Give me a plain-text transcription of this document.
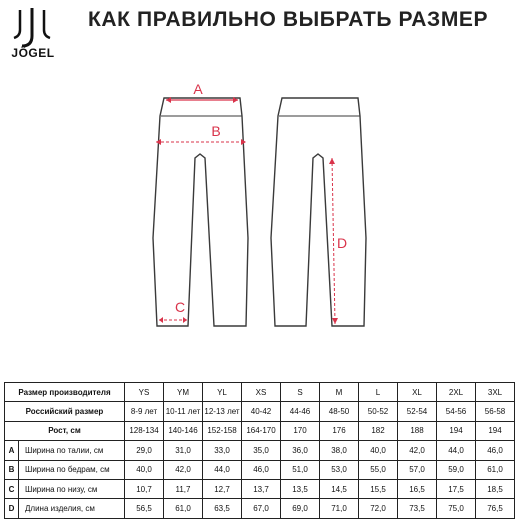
JÖGEL
КАК ПРАВИЛЬНО ВЫБРАТЬ РАЗМЕР
A
B
C
D
Размер производителя		YS	YM	YL	XS	S	M	L	XL	2XL	3XL
Российский размер		8-9 лет	10-11 лет	12-13 лет	40-42	44-46	48-50	50-52	52-54	54-56	56-58
Рост, см		128-134	140-146	152-158	164-170	170	176	182	188	194	194
A	Ширина по талии, см	29,0	31,0	33,0	35,0	36,0	38,0	40,0	42,0	44,0	46,0
B	Ширина по бедрам, см	40,0	42,0	44,0	46,0	51,0	53,0	55,0	57,0	59,0	61,0
C	Ширина по низу, см	10,7	11,7	12,7	13,7	13,5	14,5	15,5	16,5	17,5	18,5
D	Длина изделия, см	56,5	61,0	63,5	67,0	69,0	71,0	72,0	73,5	75,0	76,5
